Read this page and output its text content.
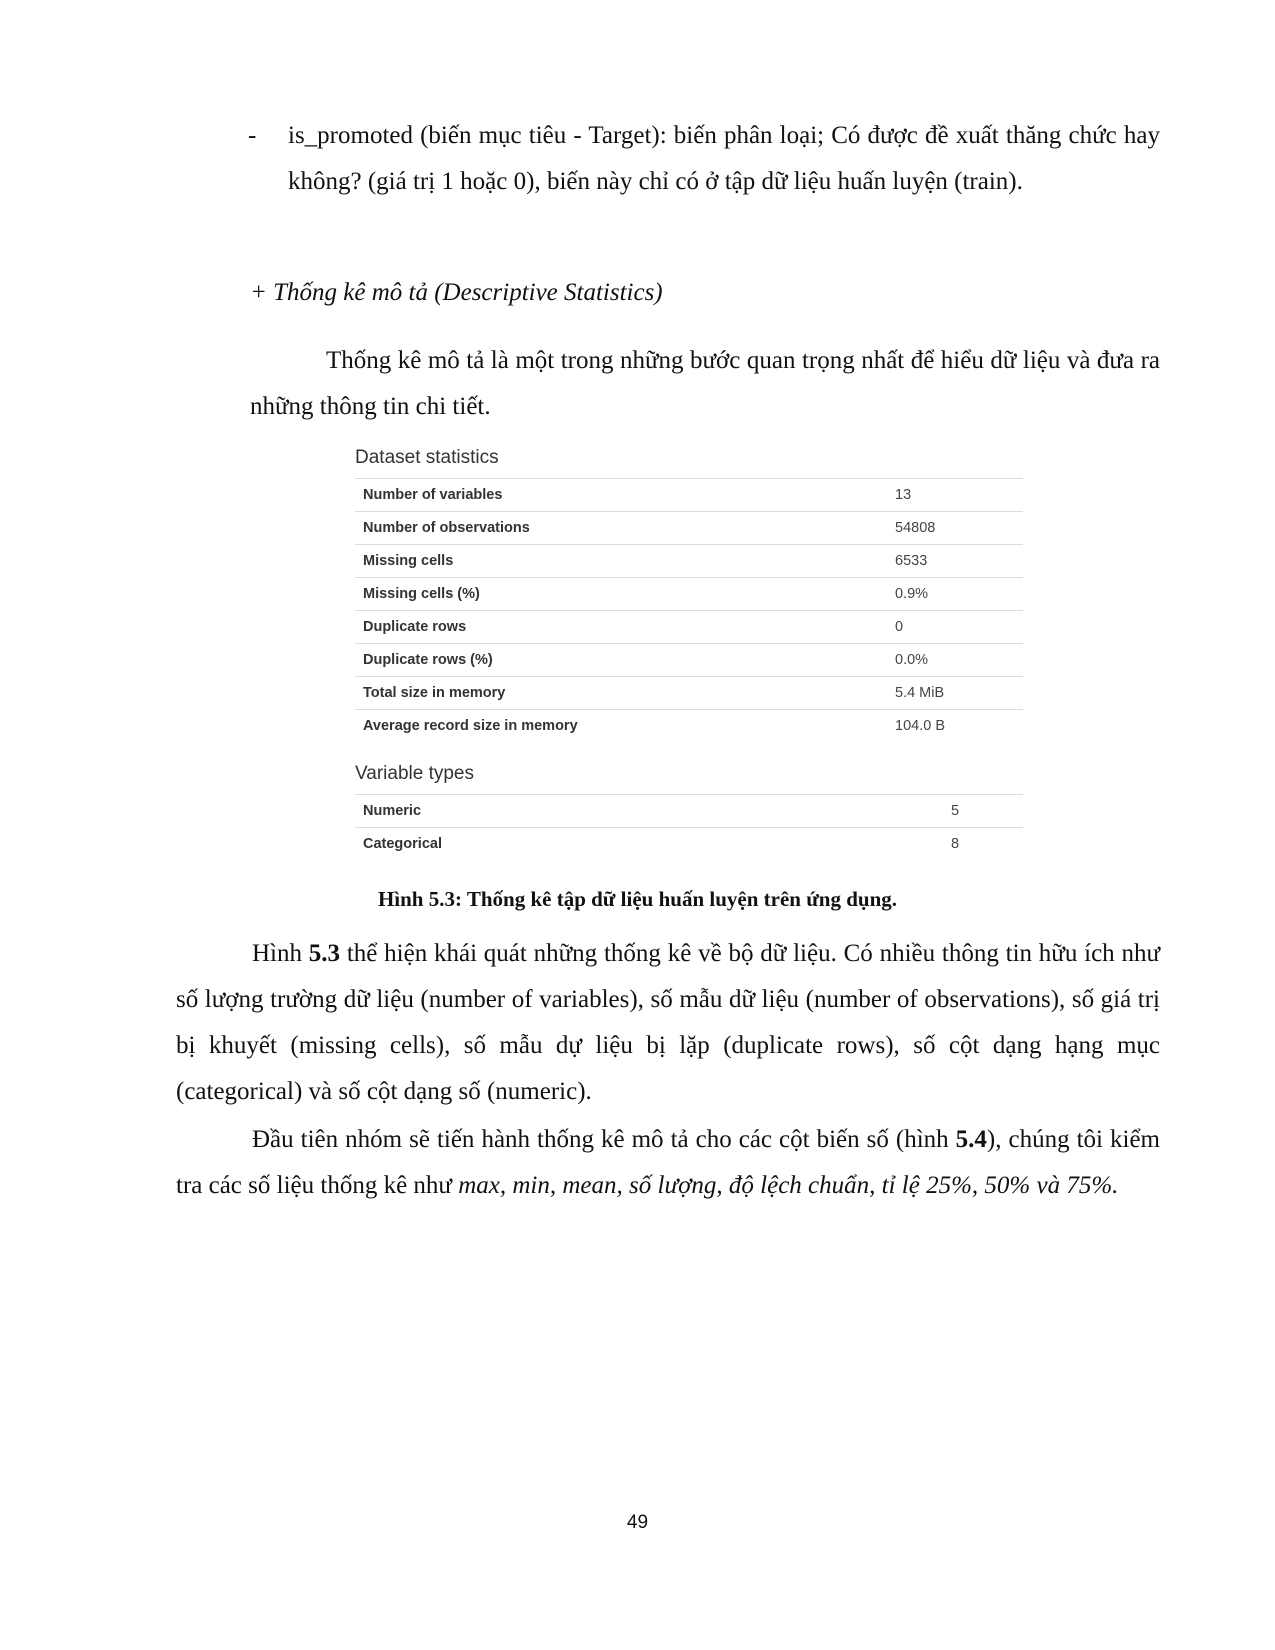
- is_promoted (biến mục tiêu - Target): biến phân loại; Có được đề xuất thăng chức hay không? (giá trị 1 hoặc 0), biến này chỉ có ở tập dữ liệu huấn luyện (train).

+ Thống kê mô tả (Descriptive Statistics)

Thống kê mô tả là một trong những bước quan trọng nhất để hiểu dữ liệu và đưa ra những thông tin chi tiết.

Dataset statistics
Number of variables	13
Number of observations	54808
Missing cells	6533
Missing cells (%)	0.9%
Duplicate rows	0
Duplicate rows (%)	0.0%
Total size in memory	5.4 MiB
Average record size in memory	104.0 B
Variable types
Numeric	5
Categorical	8

Hình 5.3: Thống kê tập dữ liệu huấn luyện trên ứng dụng.

Hình 5.3 thể hiện khái quát những thống kê về bộ dữ liệu. Có nhiều thông tin hữu ích như số lượng trường dữ liệu (number of variables), số mẫu dữ liệu (number of observations), số giá trị bị khuyết (missing cells), số mẫu dự liệu bị lặp (duplicate rows), số cột dạng hạng mục (categorical) và số cột dạng số (numeric).

Đầu tiên nhóm sẽ tiến hành thống kê mô tả cho các cột biến số (hình 5.4), chúng tôi kiểm tra các số liệu thống kê như max, min, mean, số lượng, độ lệch chuẩn, tỉ lệ 25%, 50% và 75%.

49
